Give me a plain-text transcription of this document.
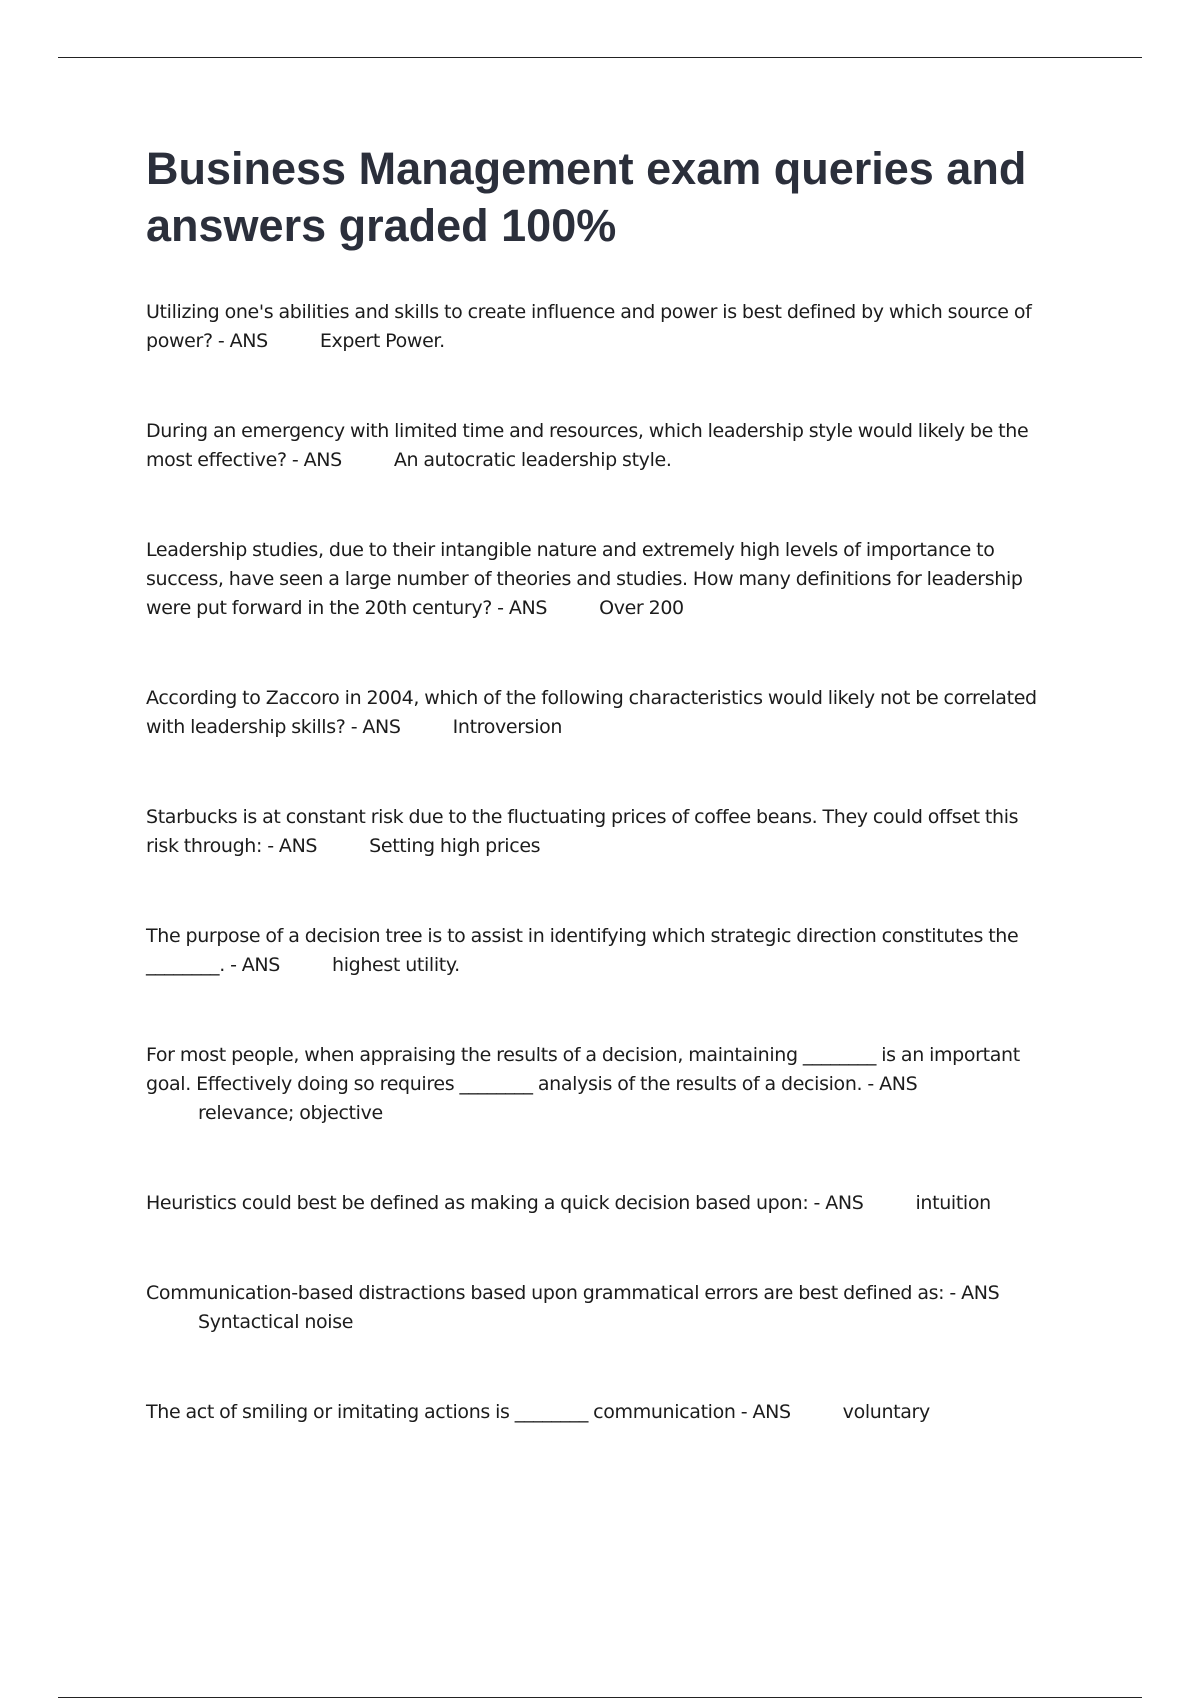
Business Management exam queries and answers graded 100%
Utilizing one's abilities and skills to create influence and power is best defined by which source of power? - ANS	Expert Power.
During an emergency with limited time and resources, which leadership style would likely be the most effective? - ANS	An autocratic leadership style.
Leadership studies, due to their intangible nature and extremely high levels of importance to success, have seen a large number of theories and studies. How many definitions for leadership were put forward in the 20th century? - ANS	Over 200
According to Zaccoro in 2004, which of the following characteristics would likely not be correlated with leadership skills? - ANS	Introversion
Starbucks is at constant risk due to the fluctuating prices of coffee beans. They could offset this risk through: - ANS	Setting high prices
The purpose of a decision tree is to assist in identifying which strategic direction constitutes the ________. - ANS	highest utility.
For most people, when appraising the results of a decision, maintaining ________ is an important goal. Effectively doing so requires ________ analysis of the results of a decision. - ANSrelevance; objective
Heuristics could best be defined as making a quick decision based upon: - ANS	intuition
Communication-based distractions based upon grammatical errors are best defined as: - ANSSyntactical noise
The act of smiling or imitating actions is ________ communication - ANS	voluntary
